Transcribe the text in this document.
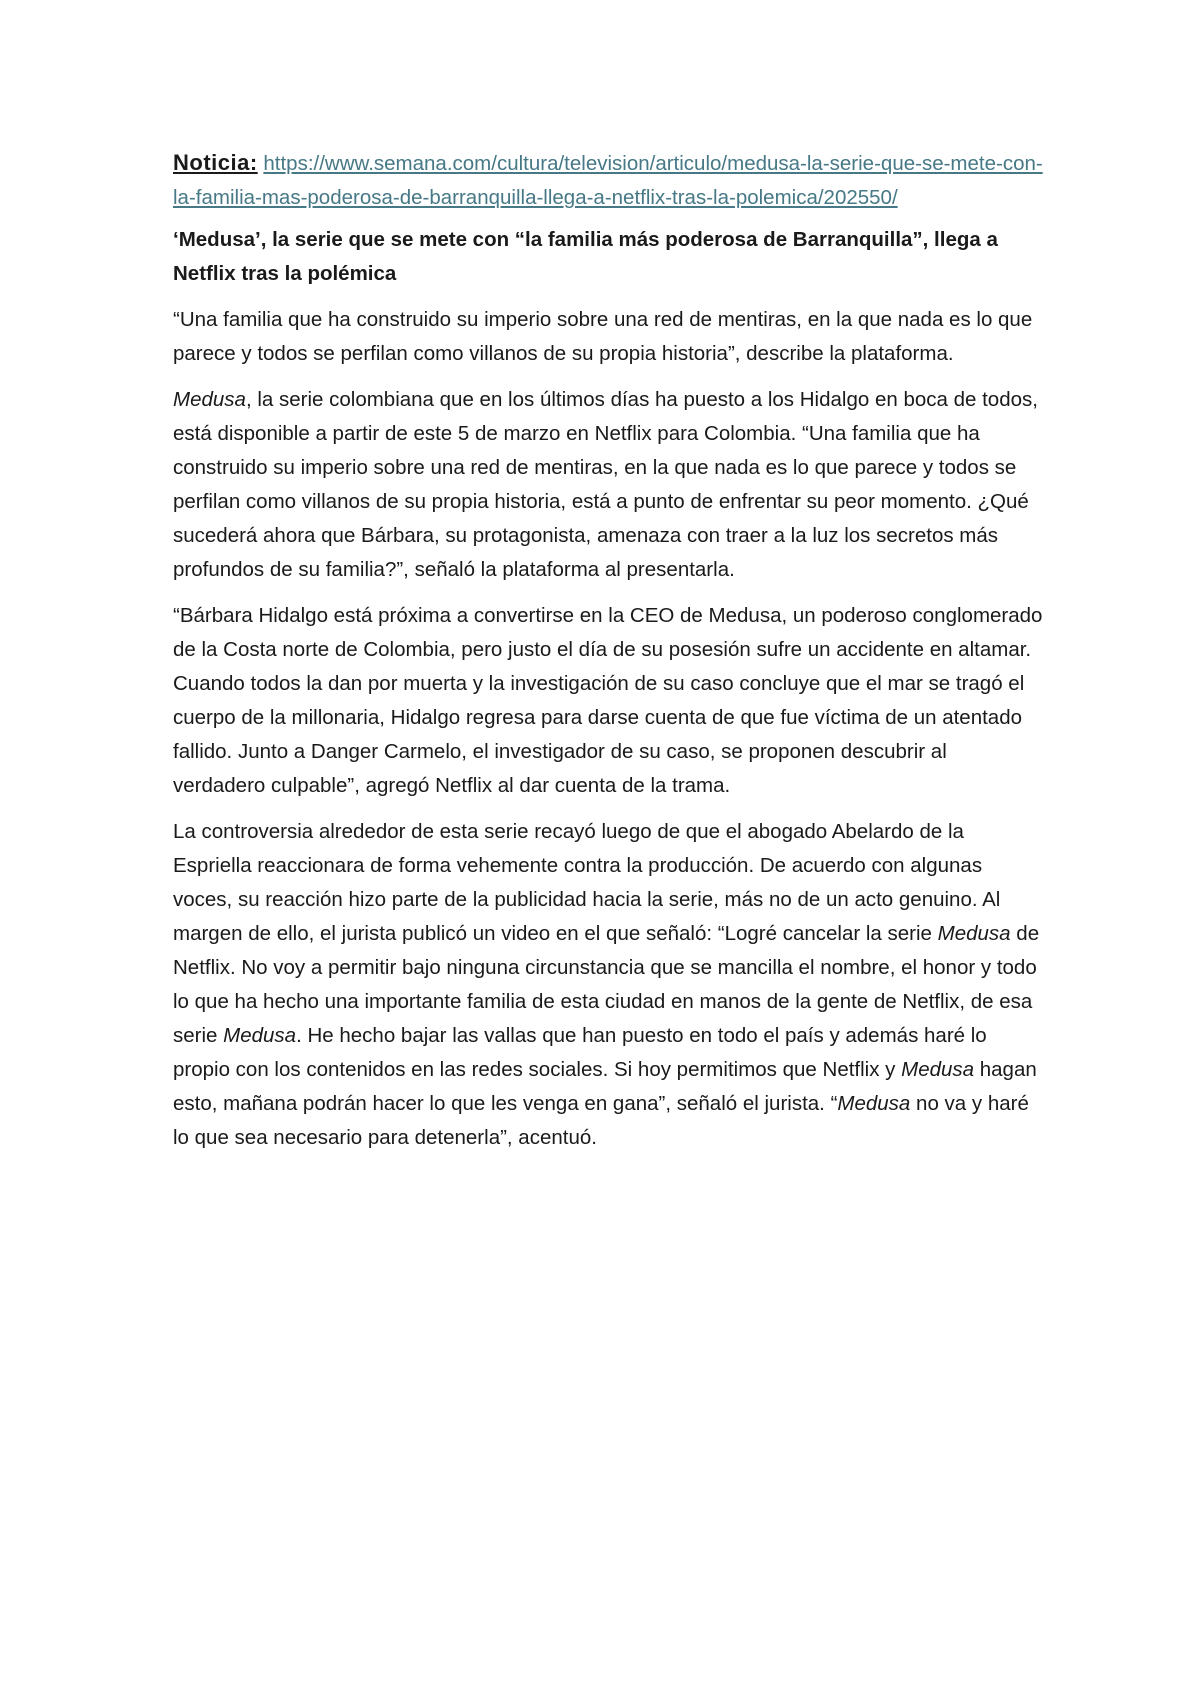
Noticia: https://www.semana.com/cultura/television/articulo/medusa-la-serie-que-se-mete-con-la-familia-mas-poderosa-de-barranquilla-llega-a-netflix-tras-la-polemica/202550/

‘Medusa’, la serie que se mete con “la familia más poderosa de Barranquilla”, llega a Netflix tras la polémica

“Una familia que ha construido su imperio sobre una red de mentiras, en la que nada es lo que parece y todos se perfilan como villanos de su propia historia”, describe la plataforma.

Medusa, la serie colombiana que en los últimos días ha puesto a los Hidalgo en boca de todos, está disponible a partir de este 5 de marzo en Netflix para Colombia. “Una familia que ha construido su imperio sobre una red de mentiras, en la que nada es lo que parece y todos se perfilan como villanos de su propia historia, está a punto de enfrentar su peor momento. ¿Qué sucederá ahora que Bárbara, su protagonista, amenaza con traer a la luz los secretos más profundos de su familia?”, señaló la plataforma al presentarla.

“Bárbara Hidalgo está próxima a convertirse en la CEO de Medusa, un poderoso conglomerado de la Costa norte de Colombia, pero justo el día de su posesión sufre un accidente en altamar. Cuando todos la dan por muerta y la investigación de su caso concluye que el mar se tragó el cuerpo de la millonaria, Hidalgo regresa para darse cuenta de que fue víctima de un atentado fallido. Junto a Danger Carmelo, el investigador de su caso, se proponen descubrir al verdadero culpable”, agregó Netflix al dar cuenta de la trama.

La controversia alrededor de esta serie recayó luego de que el abogado Abelardo de la Espriella reaccionara de forma vehemente contra la producción. De acuerdo con algunas voces, su reacción hizo parte de la publicidad hacia la serie, más no de un acto genuino. Al margen de ello, el jurista publicó un video en el que señaló: “Logré cancelar la serie Medusa de Netflix. No voy a permitir bajo ninguna circunstancia que se mancilla el nombre, el honor y todo lo que ha hecho una importante familia de esta ciudad en manos de la gente de Netflix, de esa serie Medusa. He hecho bajar las vallas que han puesto en todo el país y además haré lo propio con los contenidos en las redes sociales. Si hoy permitimos que Netflix y Medusa hagan esto, mañana podrán hacer lo que les venga en gana”, señaló el jurista. “Medusa no va y haré lo que sea necesario para detenerla”, acentuó.
